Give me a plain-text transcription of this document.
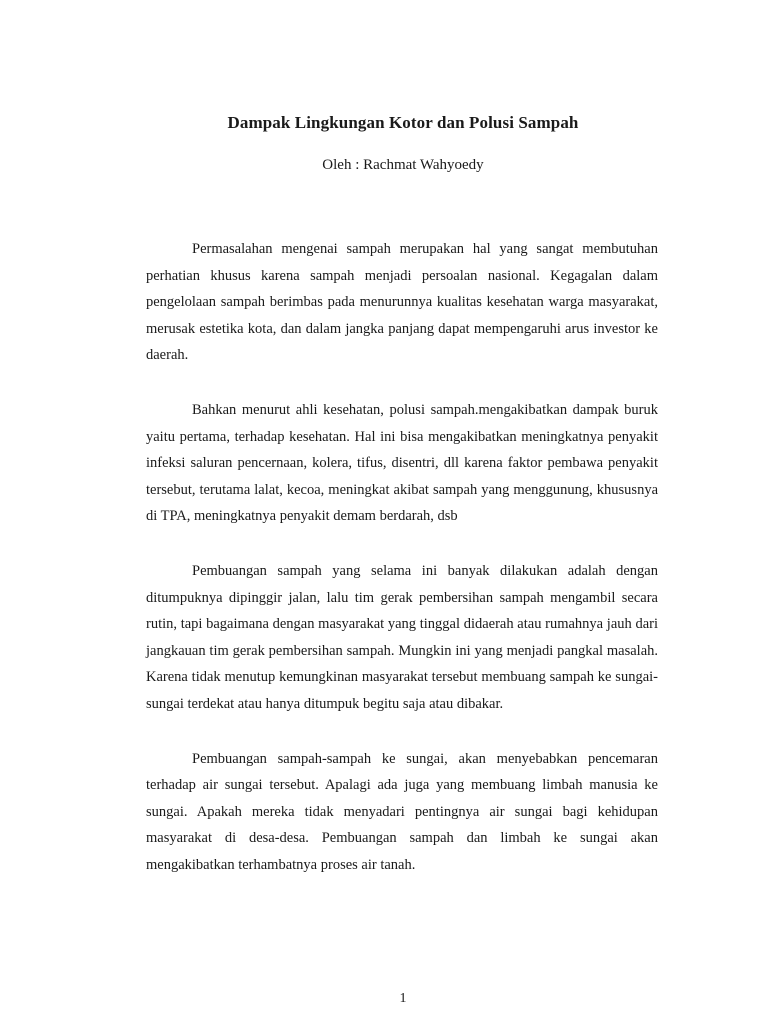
Dampak Lingkungan Kotor dan Polusi Sampah
Oleh : Rachmat Wahyoedy

Permasalahan mengenai sampah merupakan hal yang sangat membutuhan perhatian khusus karena sampah menjadi persoalan nasional. Kegagalan dalam pengelolaan sampah berimbas pada menurunnya kualitas kesehatan warga masyarakat, merusak estetika kota, dan dalam jangka panjang dapat mempengaruhi arus investor ke daerah.

Bahkan menurut ahli kesehatan, polusi sampah.mengakibatkan dampak buruk yaitu pertama, terhadap kesehatan. Hal ini bisa mengakibatkan meningkatnya penyakit infeksi saluran pencernaan, kolera, tifus, disentri, dll karena faktor pembawa penyakit tersebut, terutama lalat, kecoa, meningkat akibat sampah yang menggunung, khususnya di TPA, meningkatnya penyakit demam berdarah, dsb

Pembuangan sampah yang selama ini banyak dilakukan adalah dengan ditumpuknya dipinggir jalan, lalu tim gerak pembersihan sampah mengambil secara rutin, tapi bagaimana dengan masyarakat yang tinggal didaerah atau rumahnya jauh dari jangkauan tim gerak pembersihan sampah. Mungkin ini yang menjadi pangkal masalah. Karena tidak menutup kemungkinan masyarakat tersebut membuang sampah ke sungai-sungai terdekat atau hanya ditumpuk begitu saja atau dibakar.

Pembuangan sampah-sampah ke sungai, akan menyebabkan pencemaran terhadap air sungai tersebut. Apalagi ada juga yang membuang limbah manusia ke sungai. Apakah mereka tidak menyadari pentingnya air sungai bagi kehidupan masyarakat di desa-desa. Pembuangan sampah dan limbah ke sungai akan mengakibatkan terhambatnya proses air tanah.

1
